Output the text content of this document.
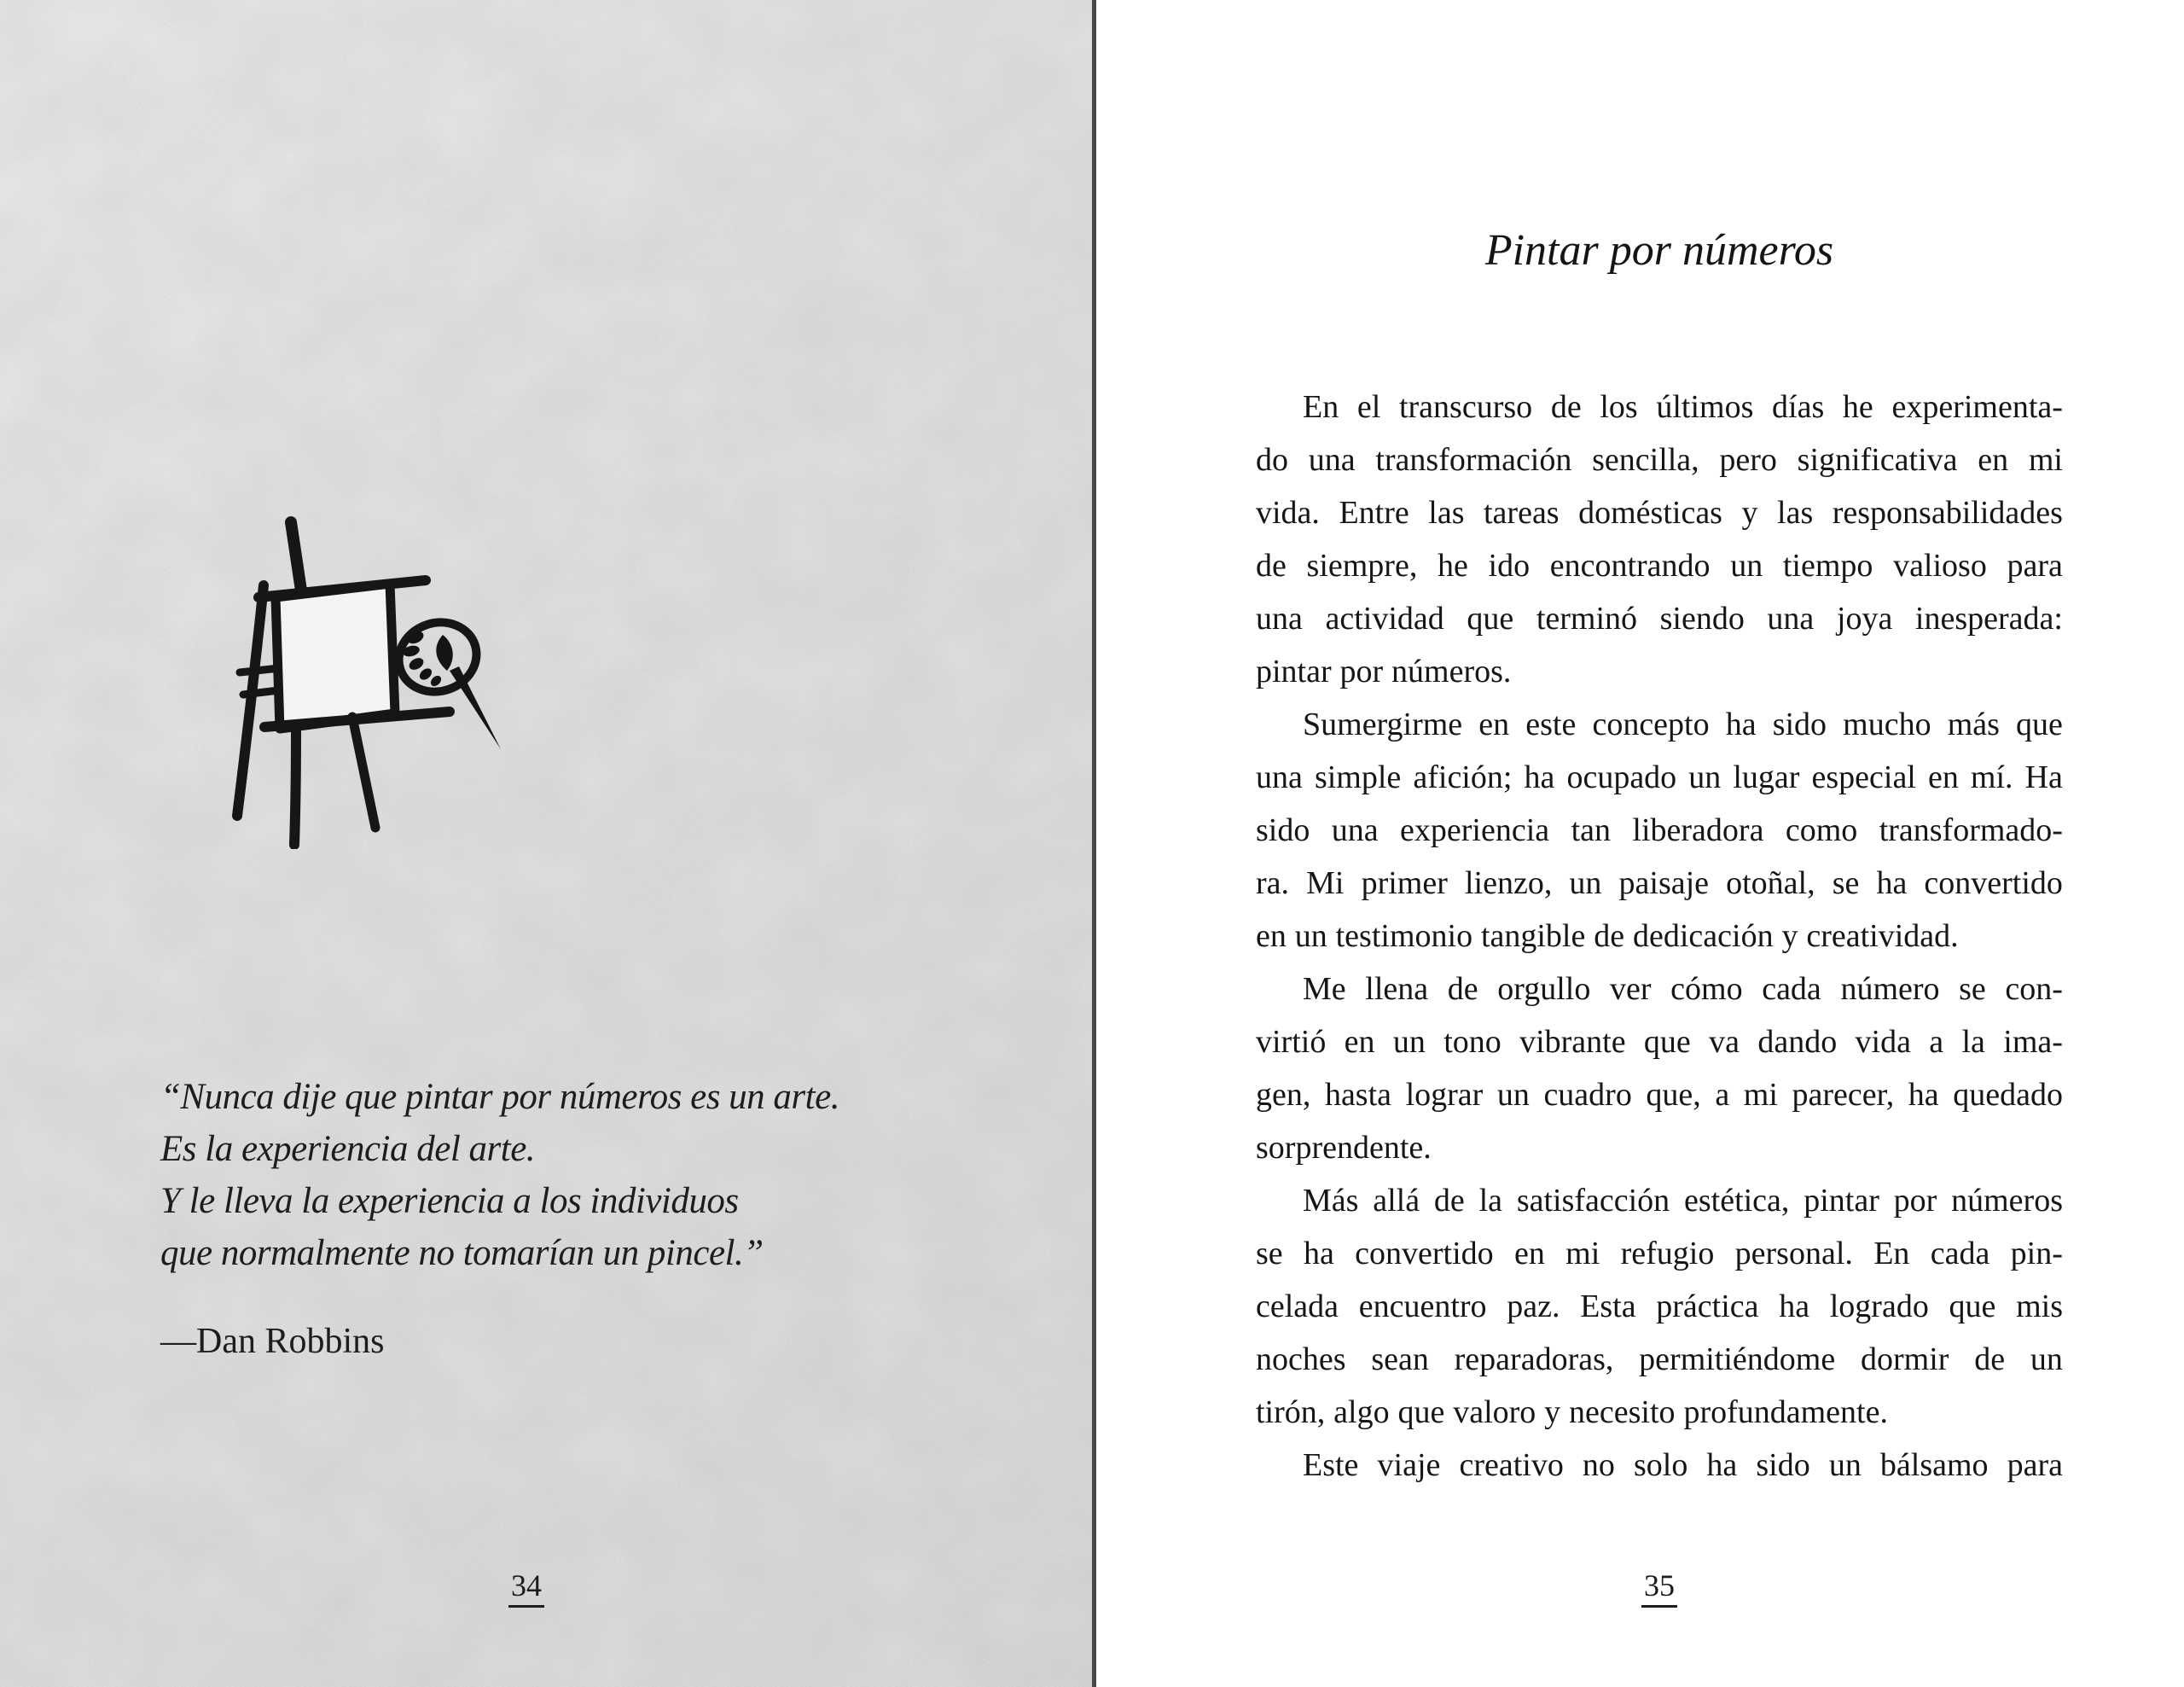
“Nunca dije que pintar por números es un arte.
Es la experiencia del arte.
Y le lleva la experiencia a los individuos
que normalmente no tomarían un pincel.”
—Dan Robbins
34
Pintar por números
En el transcurso de los últimos días he experimenta-
do una transformación sencilla, pero significativa en mi
vida. Entre las tareas domésticas y las responsabilidades
de siempre, he ido encontrando un tiempo valioso para
una actividad que terminó siendo una joya inesperada:
pintar por números.
Sumergirme en este concepto ha sido mucho más que
una simple afición; ha ocupado un lugar especial en mí. Ha
sido una experiencia tan liberadora como transformado-
ra. Mi primer lienzo, un paisaje otoñal, se ha convertido
en un testimonio tangible de dedicación y creatividad.
Me llena de orgullo ver cómo cada número se con-
virtió en un tono vibrante que va dando vida a la ima-
gen, hasta lograr un cuadro que, a mi parecer, ha quedado
sorprendente.
Más allá de la satisfacción estética, pintar por números
se ha convertido en mi refugio personal. En cada pin-
celada encuentro paz. Esta práctica ha logrado que mis
noches sean reparadoras, permitiéndome dormir de un
tirón, algo que valoro y necesito profundamente.
Este viaje creativo no solo ha sido un bálsamo para
35
